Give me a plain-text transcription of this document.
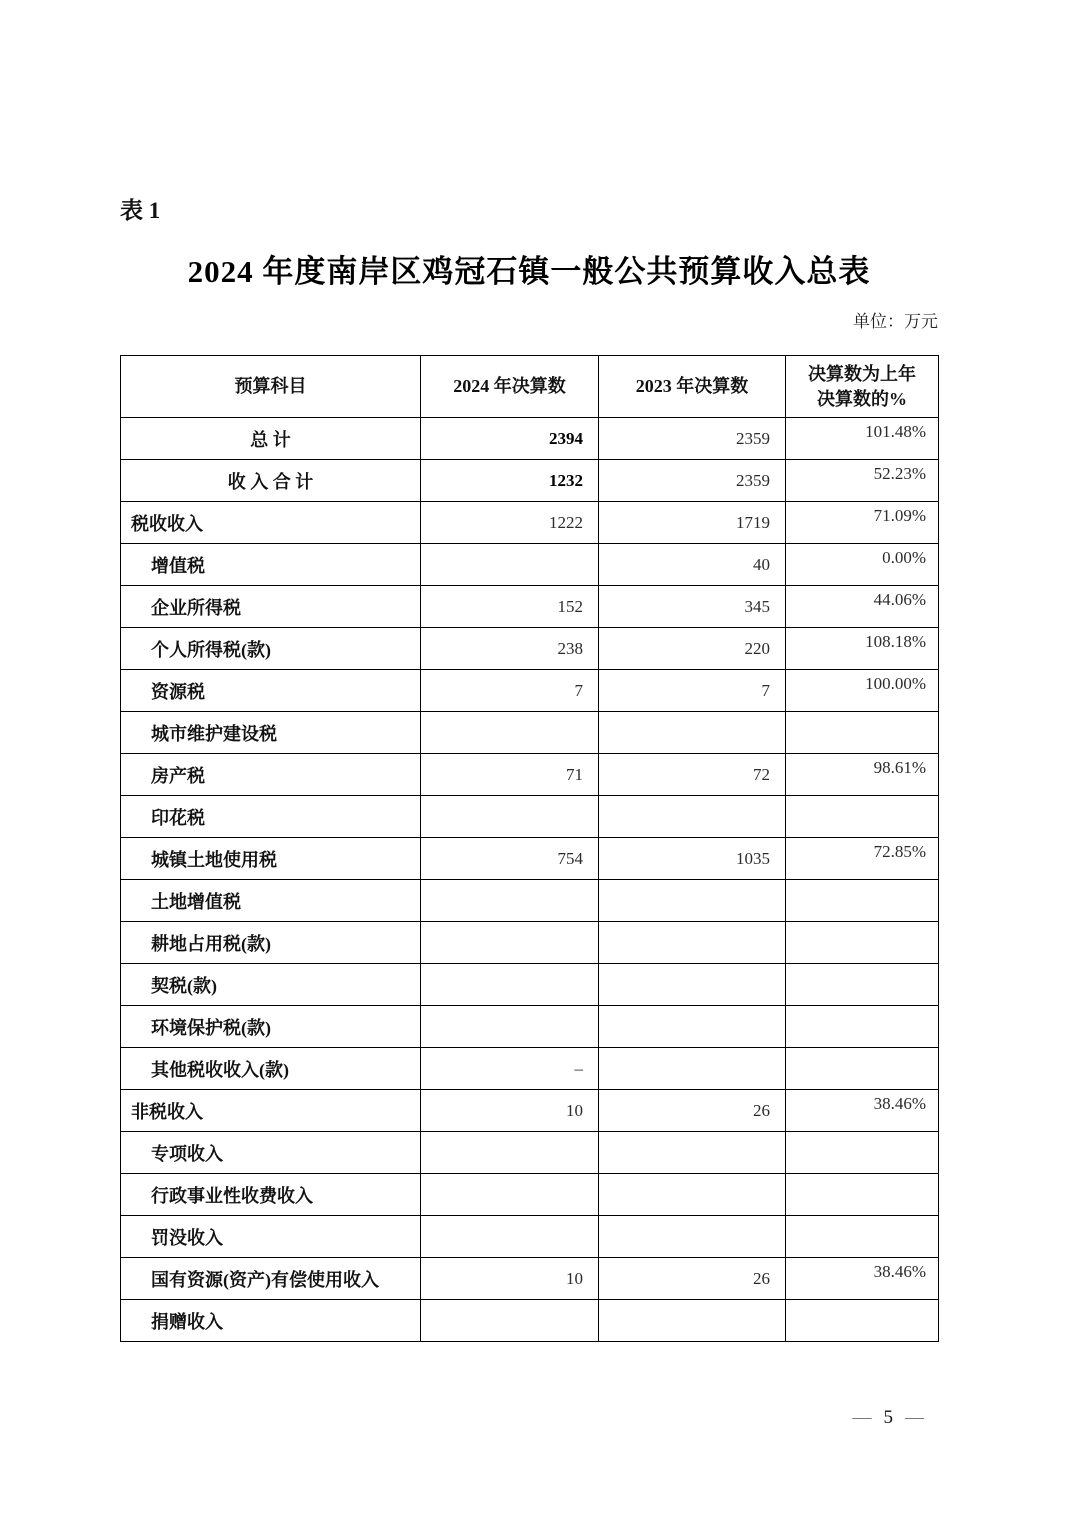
表 1
2024 年度南岸区鸡冠石镇一般公共预算收入总表
单位：万元
预算科目	2024 年决算数	2023 年决算数	决算数为上年
决算数的%
总 计	2394	2359	101.48%
收 入 合 计	1232	2359	52.23%
税收收入	1222	1719	71.09%
增值税		40	0.00%
企业所得税	152	345	44.06%
个人所得税(款)	238	220	108.18%
资源税	7	7	100.00%
城市维护建设税			
房产税	71	72	98.61%
印花税			
城镇土地使用税	754	1035	72.85%
土地增值税			
耕地占用税(款)			
契税(款)			
环境保护税(款)			
其他税收收入(款)	–		
非税收入	10	26	38.46%
专项收入			
行政事业性收费收入			
罚没收入			
国有资源(资产)有偿使用收入	10	26	38.46%
捐赠收入			
— 5 —
